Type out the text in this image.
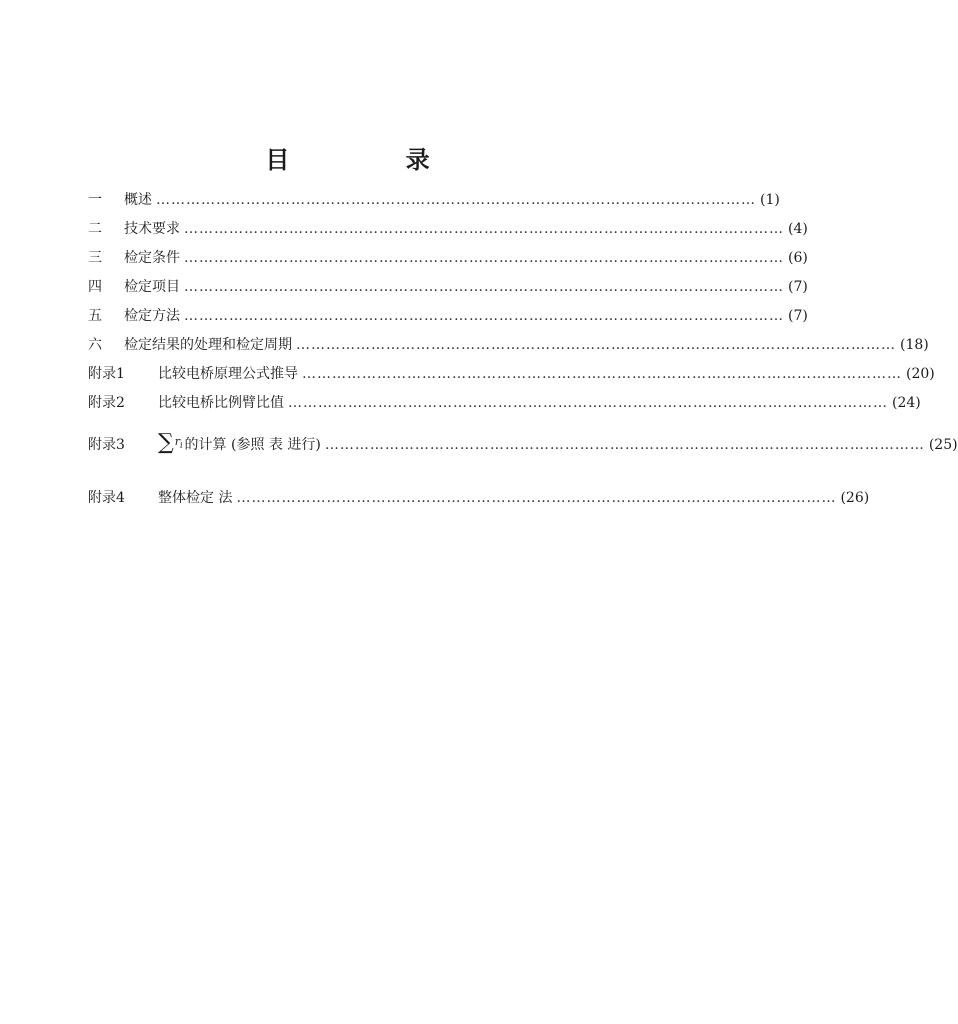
目 录
一	概述 ………………………………………………………………………………………………………… (1)
二	技术要求 ………………………………………………………………………………………………………… (4)
三	检定条件 ………………………………………………………………………………………………………… (6)
四	检定项目 ………………………………………………………………………………………………………… (7)
五	检定方法 ………………………………………………………………………………………………………… (7)
六	检定结果的处理和检定周期 ………………………………………………………………………………………………………… (18)
附录1	比较电桥原理公式推导 ………………………………………………………………………………………………………… (20)
附录2	比较电桥比例臂比值 ………………………………………………………………………………………………………… (24)
附录3	∑ $r_i$ 的计算 (参照 表 进行) ………………………………………………………………………………………………………… (25)
附录4	整体检定 法 ………………………………………………………………………………………………………… (26)
